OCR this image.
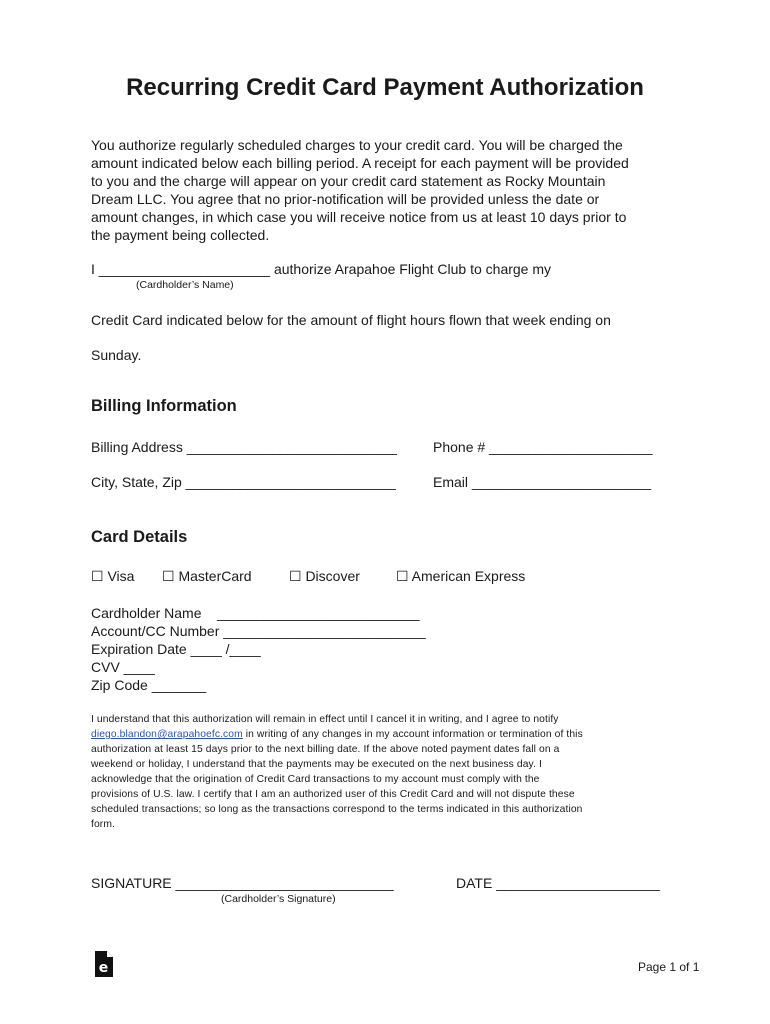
Recurring Credit Card Payment Authorization
You authorize regularly scheduled charges to your credit card. You will be charged the
amount indicated below each billing period. A receipt for each payment will be provided
to you and the charge will appear on your credit card statement as Rocky Mountain
Dream LLC. You agree that no prior-notification will be provided unless the date or
amount changes, in which case you will receive notice from us at least 10 days prior to
the payment being collected.
I ______________________ authorize Arapahoe Flight Club to charge my
(Cardholder’s Name)
Credit Card indicated below for the amount of flight hours flown that week ending on
Sunday.
Billing Information
Billing Address ___________________________	Phone # _____________________
City, State, Zip ___________________________	Email _______________________
Card Details
☐ Visa ☐ MasterCard	☐ Discover	☐ American Express
Cardholder Name    __________________________
Account/CC Number __________________________
Expiration Date ____ /____
CVV ____
Zip Code _______
I understand that this authorization will remain in effect until I cancel it in writing, and I agree to notify
diego.blandon@arapahoefc.com in writing of any changes in my account information or termination of this
authorization at least 15 days prior to the next billing date. If the above noted payment dates fall on a
weekend or holiday, I understand that the payments may be executed on the next business day. I
acknowledge that the origination of Credit Card transactions to my account must comply with the
provisions of U.S. law. I certify that I am an authorized user of this Credit Card and will not dispute these
scheduled transactions; so long as the transactions correspond to the terms indicated in this authorization
form.
SIGNATURE ____________________________
(Cardholder’s Signature)
DATE _____________________
e	Page 1 of 1
